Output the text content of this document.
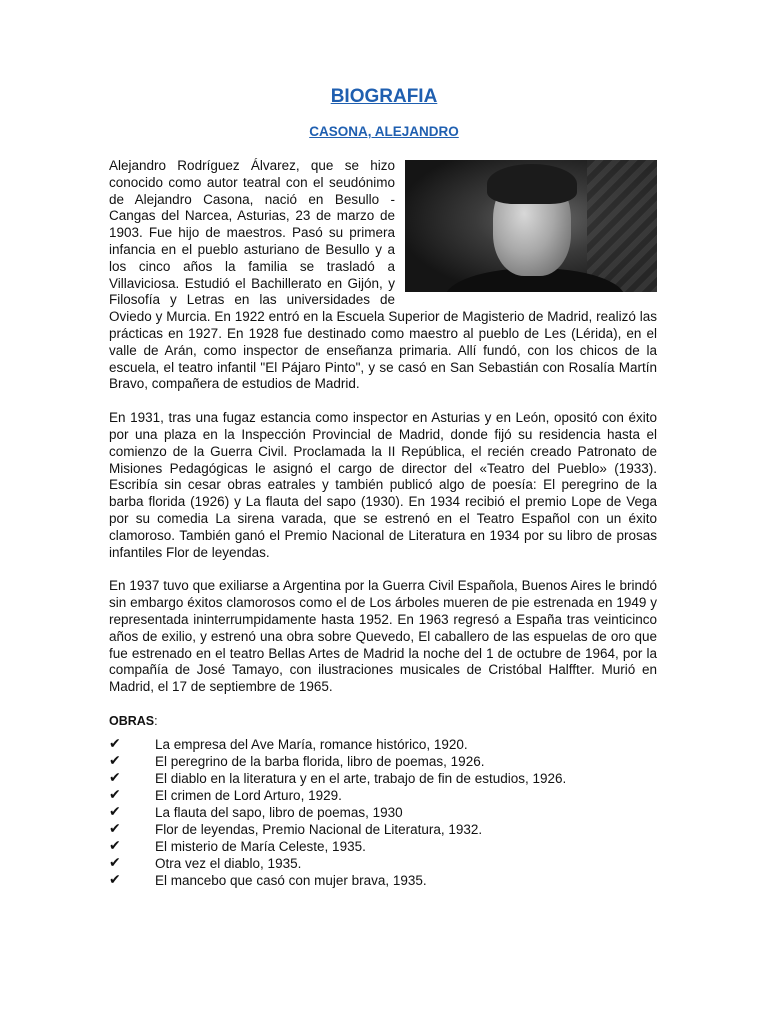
BIOGRAFIA
CASONA, ALEJANDRO

Alejandro Rodríguez Álvarez, que se hizo conocido como autor teatral con el seudónimo de Alejandro Casona, nació en Besullo - Cangas del Narcea, Asturias, 23 de marzo de 1903. Fue hijo de maestros. Pasó su primera infancia en el pueblo asturiano de Besullo y a los cinco años la familia se trasladó a Villaviciosa. Estudió el Bachillerato en Gijón, y Filosofía y Letras en las universidades de Oviedo y Murcia. En 1922 entró en la Escuela Superior de Magisterio de Madrid, realizó las prácticas en 1927. En 1928 fue destinado como maestro al pueblo de Les (Lérida), en el valle de Arán, como inspector de enseñanza primaria. Allí fundó, con los chicos de la escuela, el teatro infantil "El Pájaro Pinto", y se casó en San Sebastián con Rosalía Martín Bravo, compañera de estudios de Madrid.

En 1931, tras una fugaz estancia como inspector en Asturias y en León, opositó con éxito por una plaza en la Inspección Provincial de Madrid, donde fijó su residencia hasta el comienzo de la Guerra Civil. Proclamada la II República, el recién creado Patronato de Misiones Pedagógicas le asignó el cargo de director del «Teatro del Pueblo» (1933). Escribía sin cesar obras eatrales y también publicó algo de poesía: El peregrino de la barba florida (1926) y La flauta del sapo (1930). En 1934 recibió el premio Lope de Vega por su comedia La sirena varada, que se estrenó en el Teatro Español con un éxito clamoroso. También ganó el Premio Nacional de Literatura en 1934 por su libro de prosas infantiles Flor de leyendas.

En 1937 tuvo que exiliarse a Argentina por la Guerra Civil Española, Buenos Aires le brindó sin embargo éxitos clamorosos como el de Los árboles mueren de pie estrenada en 1949 y representada ininterrumpidamente hasta 1952. En 1963 regresó a España tras veinticinco años de exilio, y estrenó una obra sobre Quevedo, El caballero de las espuelas de oro que fue estrenado en el teatro Bellas Artes de Madrid la noche del 1 de octubre de 1964, por la compañía de José Tamayo, con ilustraciones musicales de Cristóbal Halffter. Murió en Madrid, el 17 de septiembre de 1965.

OBRAS:
✔	La empresa del Ave María, romance histórico, 1920.
✔	El peregrino de la barba florida, libro de poemas, 1926.
✔	El diablo en la literatura y en el arte, trabajo de fin de estudios, 1926.
✔	El crimen de Lord Arturo, 1929.
✔	La flauta del sapo, libro de poemas, 1930
✔	Flor de leyendas, Premio Nacional de Literatura, 1932.
✔	El misterio de María Celeste, 1935.
✔	Otra vez el diablo, 1935.
✔	El mancebo que casó con mujer brava, 1935.
